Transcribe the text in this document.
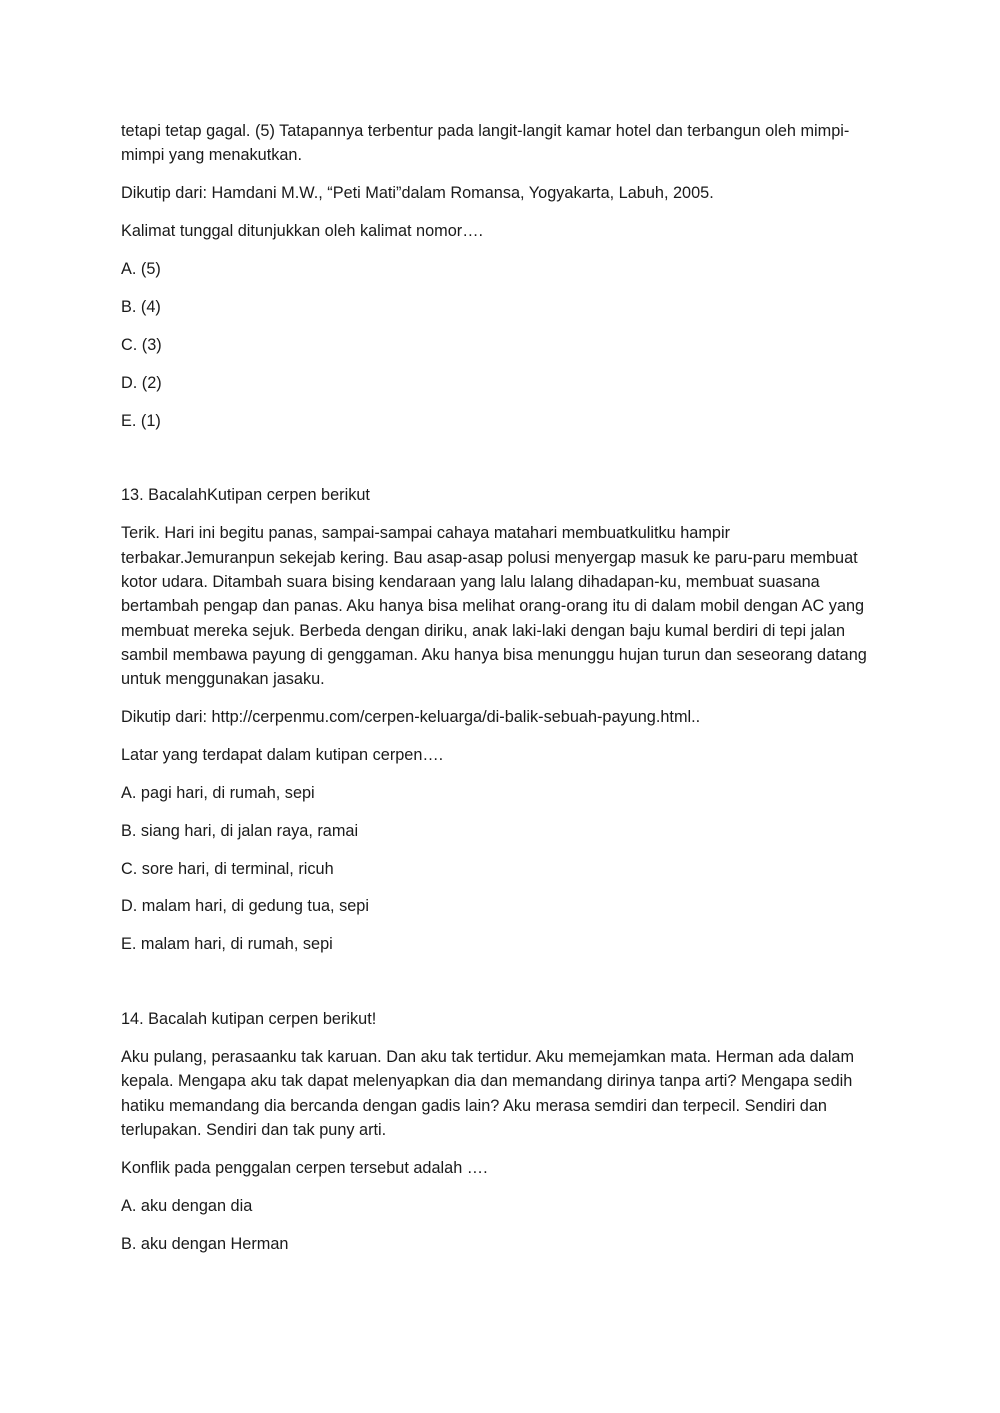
tetapi tetap gagal. (5) Tatapannya terbentur pada langit-langit kamar hotel dan terbangun oleh mimpi-mimpi yang menakutkan.

Dikutip dari: Hamdani M.W., “Peti Mati”dalam Romansa, Yogyakarta, Labuh, 2005.

Kalimat tunggal ditunjukkan oleh kalimat nomor….

A. (5)

B. (4)

C. (3)

D. (2)

E. (1)

13. BacalahKutipan cerpen berikut

Terik. Hari ini begitu panas, sampai-sampai cahaya matahari membuatkulitku hampir terbakar.Jemuranpun sekejab kering. Bau asap-asap polusi menyergap masuk ke paru-paru membuat kotor udara. Ditambah suara bising kendaraan yang lalu lalang dihadapan-ku, membuat suasana bertambah pengap dan panas. Aku hanya bisa melihat orang-orang itu di dalam mobil dengan AC yang membuat mereka sejuk. Berbeda dengan diriku, anak laki-laki dengan baju kumal berdiri di tepi jalan sambil membawa payung di genggaman. Aku hanya bisa menunggu hujan turun dan seseorang datang untuk menggunakan jasaku.

Dikutip dari: http://cerpenmu.com/cerpen-keluarga/di-balik-sebuah-payung.html..

Latar yang terdapat dalam kutipan cerpen….

A. pagi hari, di rumah, sepi

B. siang hari, di jalan raya, ramai

C. sore hari, di terminal, ricuh

D. malam hari, di gedung tua, sepi

E. malam hari, di rumah, sepi

14. Bacalah kutipan cerpen berikut!

Aku pulang, perasaanku tak karuan. Dan aku tak tertidur. Aku memejamkan mata. Herman ada dalam kepala. Mengapa aku tak dapat melenyapkan dia dan memandang dirinya tanpa arti? Mengapa sedih hatiku memandang dia bercanda dengan gadis lain? Aku merasa semdiri dan terpecil. Sendiri dan terlupakan. Sendiri dan tak puny arti.

Konflik pada penggalan cerpen tersebut adalah ….

A. aku dengan dia

B. aku dengan Herman
